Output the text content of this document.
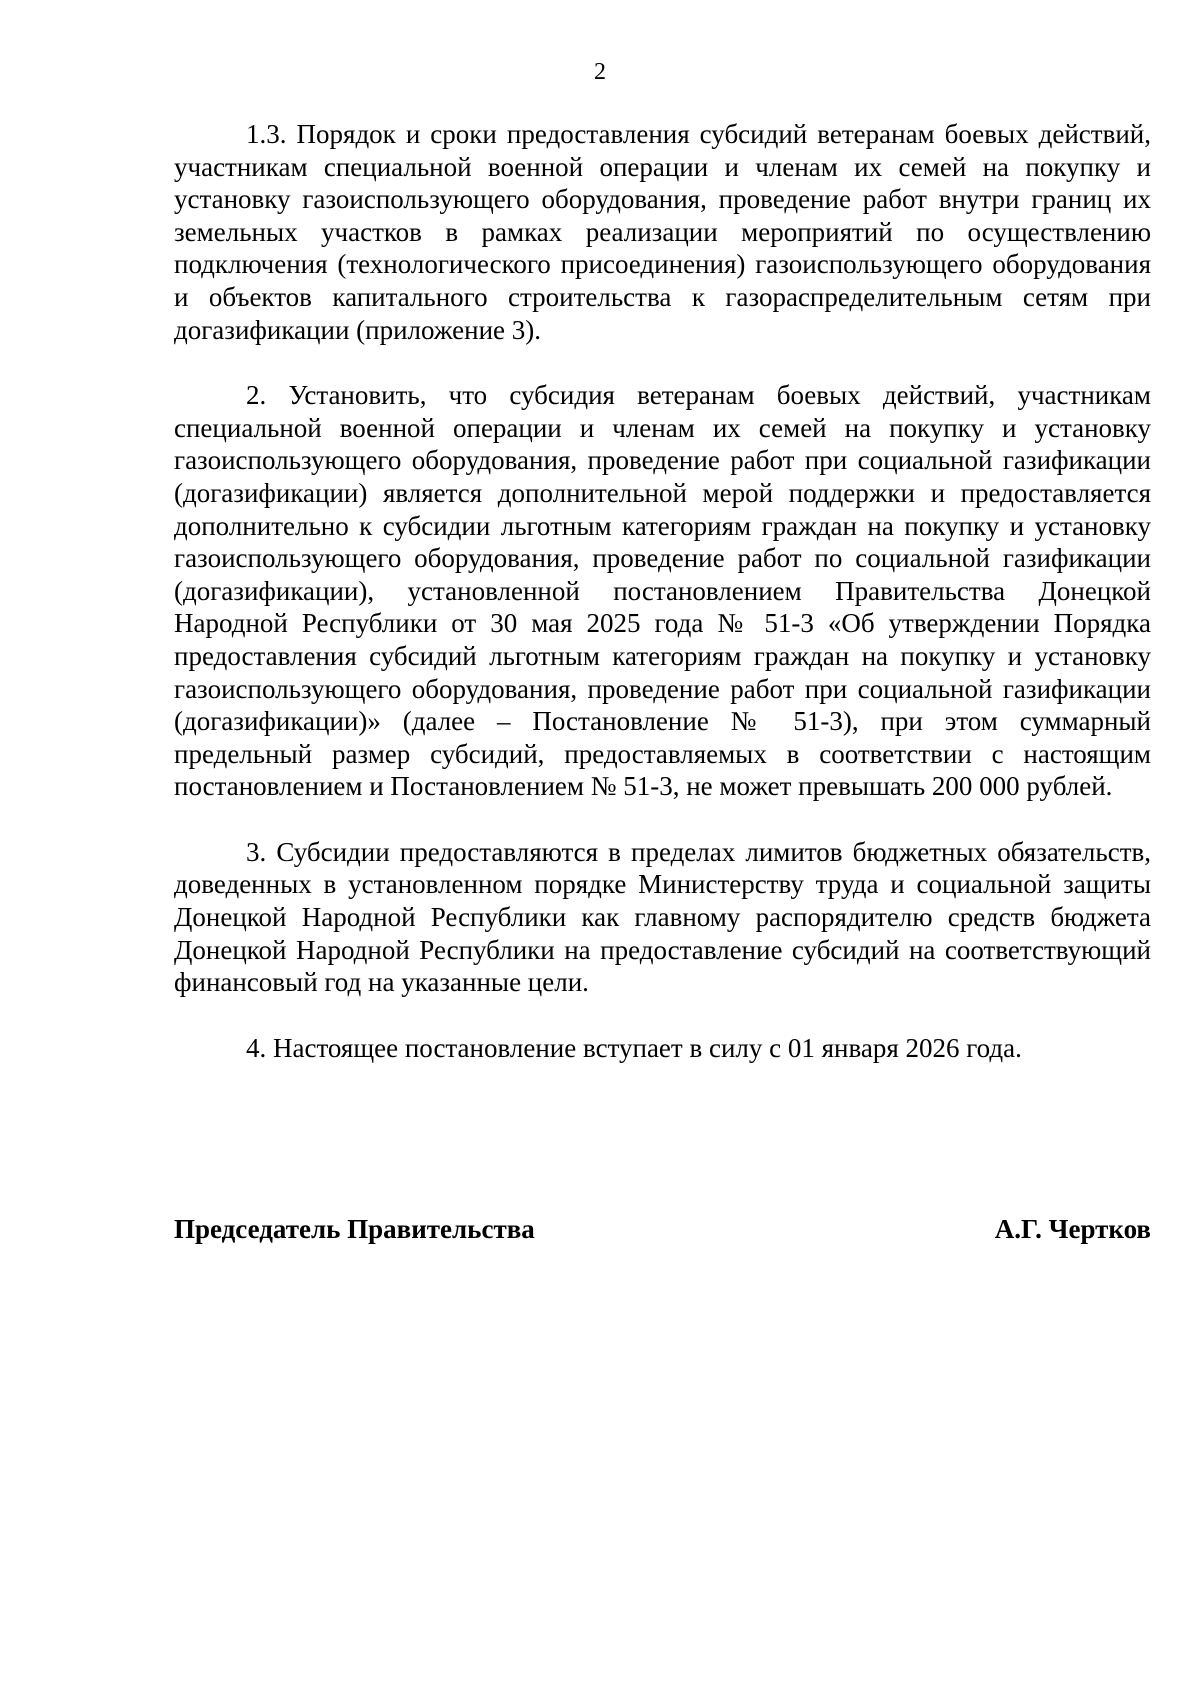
2

1.3. Порядок и сроки предоставления субсидий ветеранам боевых действий, участникам специальной военной операции и членам их семей на покупку и установку газоиспользующего оборудования, проведение работ внутри границ их земельных участков в рамках реализации мероприятий по осуществлению подключения (технологического присоединения) газоиспользующего оборудования и объектов капитального строительства к газораспределительным сетям при догазификации (приложение 3).

2. Установить, что субсидия ветеранам боевых действий, участникам специальной военной операции и членам их семей на покупку и установку газоиспользующего оборудования, проведение работ при социальной газификации (догазификации) является дополнительной мерой поддержки и предоставляется дополнительно к субсидии льготным категориям граждан на покупку и установку газоиспользующего оборудования, проведение работ по социальной газификации (догазификации), установленной постановлением Правительства Донецкой Народной Республики от 30 мая 2025 года № 51-3 «Об утверждении Порядка предоставления субсидий льготным категориям граждан на покупку и установку газоиспользующего оборудования, проведение работ при социальной газификации (догазификации)» (далее – Постановление № 51-3), при этом суммарный предельный размер субсидий, предоставляемых в соответствии с настоящим постановлением и Постановлением № 51-3, не может превышать 200 000 рублей.

3. Субсидии предоставляются в пределах лимитов бюджетных обязательств, доведенных в установленном порядке Министерству труда и социальной защиты Донецкой Народной Республики как главному распорядителю средств бюджета Донецкой Народной Республики на предоставление субсидий на соответствующий финансовый год на указанные цели.

4. Настоящее постановление вступает в силу с 01 января 2026 года.

Председатель Правительства	А.Г. Чертков
